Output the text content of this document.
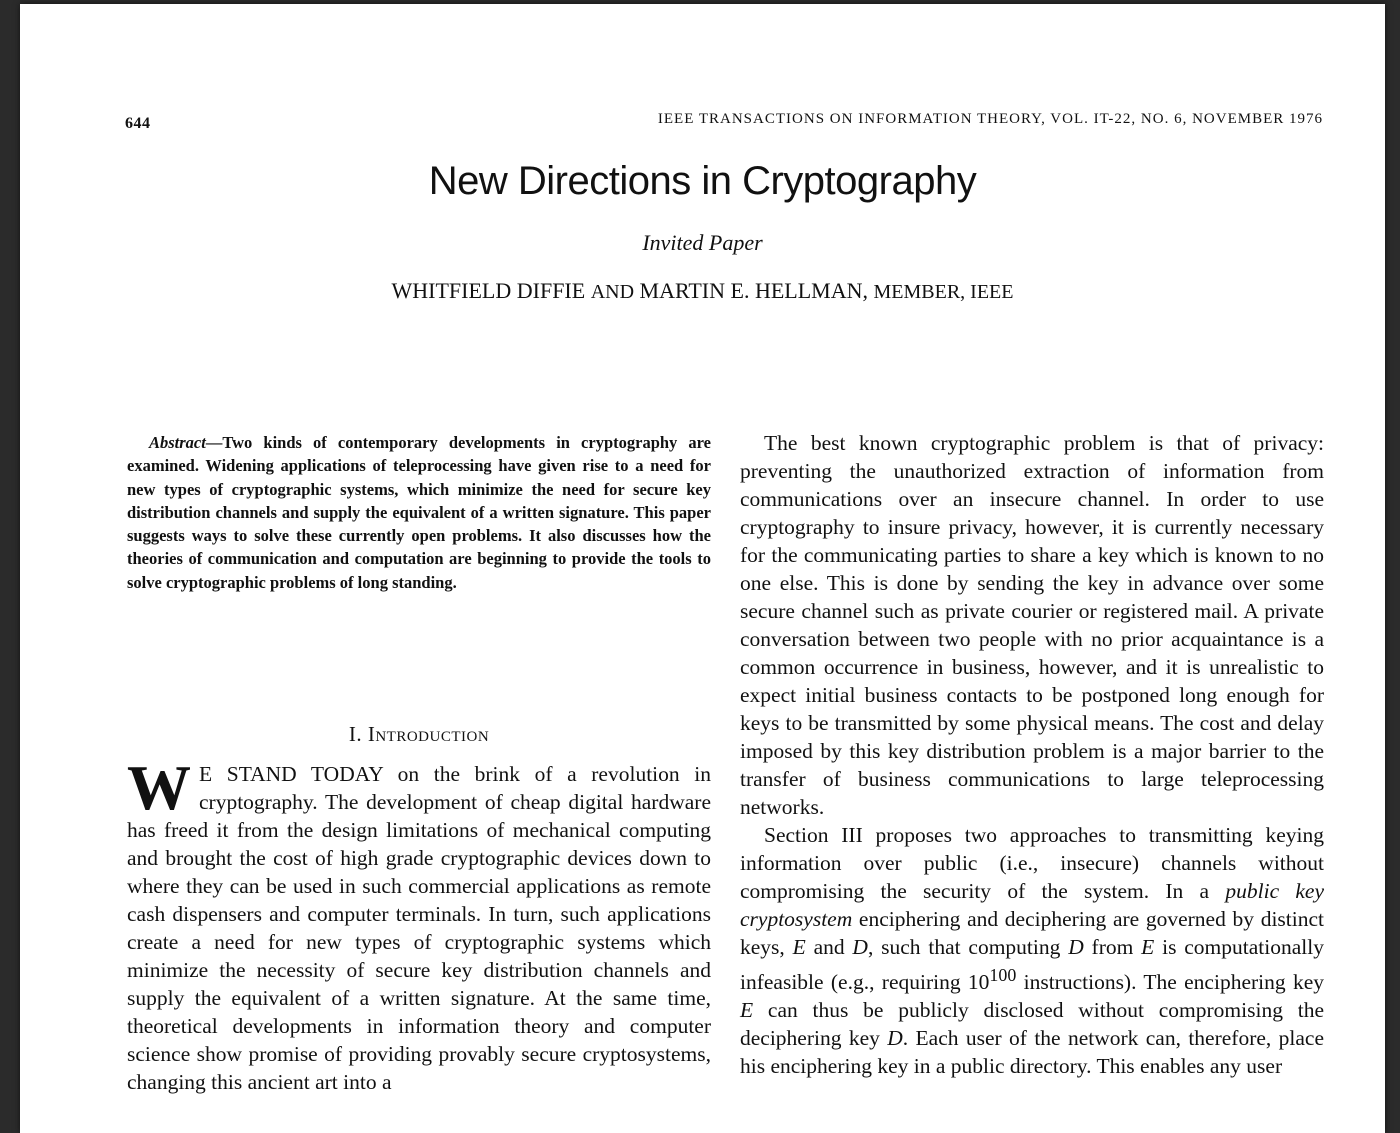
644	IEEE TRANSACTIONS ON INFORMATION THEORY, VOL. IT-22, NO. 6, NOVEMBER 1976
New Directions in Cryptography
Invited Paper
WHITFIELD DIFFIE AND MARTIN E. HELLMAN, MEMBER, IEEE
Abstract—Two kinds of contemporary developments in cryptography are examined. Widening applications of teleprocessing have given rise to a need for new types of cryptographic systems, which minimize the need for secure key distribution channels and supply the equivalent of a written signature. This paper suggests ways to solve these currently open problems. It also discusses how the theories of communication and computation are beginning to provide the tools to solve cryptographic problems of long standing.
I. Introduction

W E STAND TODAY on the brink of a revolution in cryptography. The development of cheap digital hardware has freed it from the design limitations of mechanical computing and brought the cost of high grade cryptographic devices down to where they can be used in such commercial applications as remote cash dispensers and computer terminals. In turn, such applications create a need for new types of cryptographic systems which minimize the necessity of secure key distribution channels and supply the equivalent of a written signature. At the same time, theoretical developments in information theory and computer science show promise of providing provably secure cryptosystems, changing this ancient art into a

The best known cryptographic problem is that of privacy: preventing the unauthorized extraction of information from communications over an insecure channel. In order to use cryptography to insure privacy, however, it is currently necessary for the communicating parties to share a key which is known to no one else. This is done by sending the key in advance over some secure channel such as private courier or registered mail. A private conversation between two people with no prior acquaintance is a common occurrence in business, however, and it is unrealistic to expect initial business contacts to be postponed long enough for keys to be transmitted by some physical means. The cost and delay imposed by this key distribution problem is a major barrier to the transfer of business communications to large teleprocessing networks.

Section III proposes two approaches to transmitting keying information over public (i.e., insecure) channels without compromising the security of the system. In a public key cryptosystem enciphering and deciphering are governed by distinct keys, E and D, such that computing D from E is computationally infeasible (e.g., requiring $10^{100}$ instructions). The enciphering key E can thus be publicly disclosed without compromising the deciphering key D. Each user of the network can, therefore, place his enciphering key in a public directory. This enables any user
